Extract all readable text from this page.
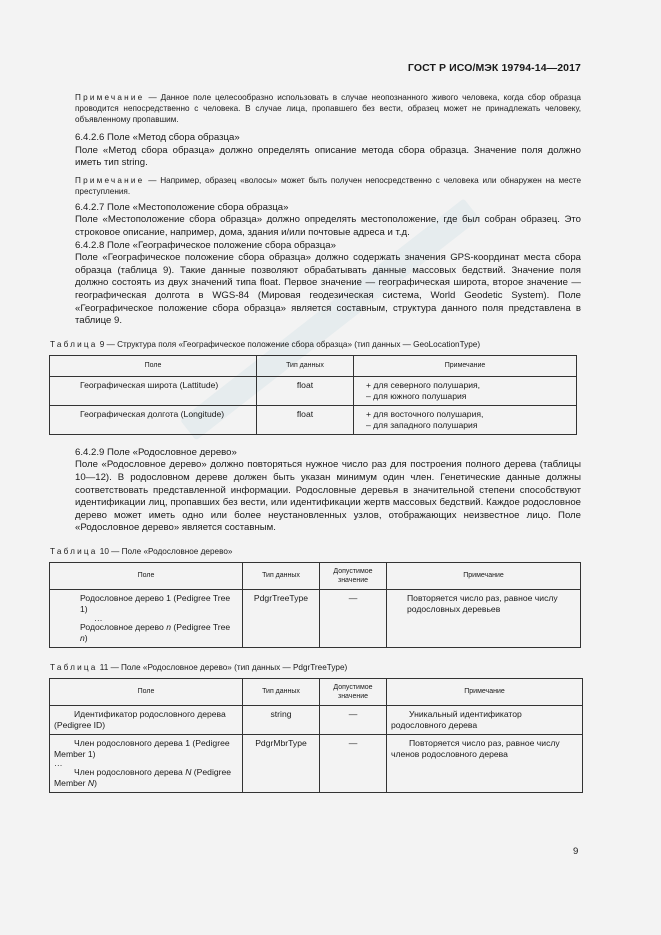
ГОСТ Р ИСО/МЭК 19794-14—2017

Примечание — Данное поле целесообразно использовать в случае неопознанного живого человека, когда сбор образца проводится непосредственно с человека. В случае лица, пропавшего без вести, образец может не принадлежать человеку, объявленному пропавшим.

6.4.2.6 Поле «Метод сбора образца»

Поле «Метод сбора образца» должно определять описание метода сбора образца. Значение поля должно иметь тип string.

Примечание — Например, образец «волосы» может быть получен непосредственно с человека или обнаружен на месте преступления.

6.4.2.7 Поле «Местоположение сбора образца»

Поле «Местоположение сбора образца» должно определять местоположение, где был собран образец. Это строковое описание, например, дома, здания и/или почтовые адреса и т.д.

6.4.2.8 Поле «Географическое положение сбора образца»

Поле «Географическое положение сбора образца» должно содержать значения GPS-координат места сбора образца (таблица 9). Такие данные позволяют обрабатывать данные массовых бедствий. Значение поля должно состоять из двух значений типа float. Первое значение — географическая широта, второе значение — географическая долгота в WGS-84 (Мировая геодезическая система, World Geodetic System). Поле «Географическое положение сбора образца» является составным, структура данного поля представлена в таблице 9.

Таблица 9 — Структура поля «Географическое положение сбора образца» (тип данных — GeoLocationType)

Поле	Тип данных	Примечание
Географическая широта (Lattitude)	float	+ для северного полушария,
– для южного полушария

Географическая долгота (Longitude)	float	+ для восточного полушария,
– для западного полушария

6.4.2.9 Поле «Родословное дерево»

Поле «Родословное дерево» должно повторяться нужное число раз для построения полного дерева (таблицы 10—12). В родословном дереве должен быть указан минимум один член. Генетические данные должны соответствовать представленной информации. Родословные деревья в значительной степени способствуют идентификации лиц, пропавших без вести, или идентификации жертв массовых бедствий. Каждое родословное дерево может иметь одно или более неустановленных узлов, отображающих неизвестное лицо. Поле «Родословное дерево» является составным.

Таблица 10 — Поле «Родословное дерево»

Поле	Тип данных	Допустимое значение	Примечание

Родословное дерево 1 (Pedigree Tree 1)
…
Родословное дерево n (Pedigree Tree n)	PdgrTreeType	—	Повторяется число раз, равное числу родословных деревьев

Таблица 11 — Поле «Родословное дерево» (тип данных — PdgrTreeType)

Поле	Тип данных	Допустимое значение	Примечание
Идентификатор родословного дерева (Pedigree ID)	string	—	Уникальный идентификатор родословного дерева

Член родословного дерева 1 (Pedigree Member 1)
…
Член родословного дерева N (Pedigree Member N)	PdgrMbrType	—	Повторяется число раз, равное числу членов родословного дерева
9
